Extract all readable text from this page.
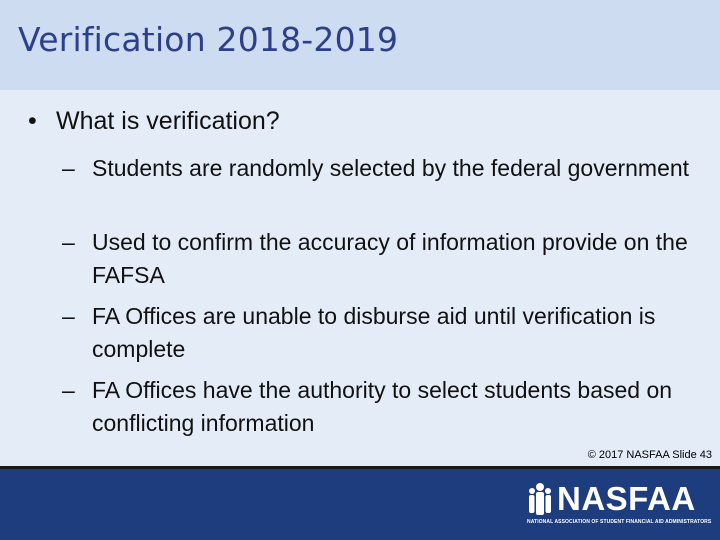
Verification 2018-2019
• What is verification?
– Students are randomly selected by the federal government
– Used to confirm the accuracy of information provide on the FAFSA
– FA Offices are unable to disburse aid until verification is complete
– FA Offices have the authority to select students based on conflicting information
© 2017 NASFAA Slide 43
NASFAA
NATIONAL ASSOCIATION OF STUDENT FINANCIAL AID ADMINISTRATORS
